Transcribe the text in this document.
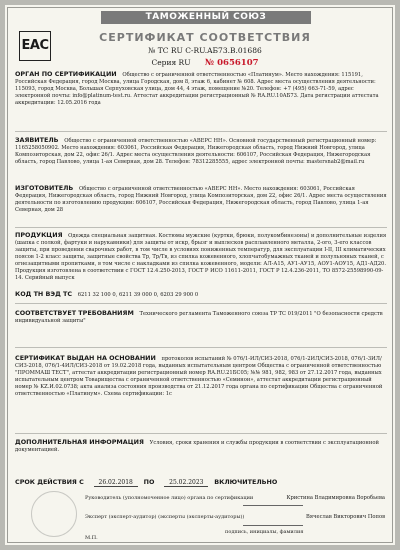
ТАМОЖЕННЫЙ СОЮЗ
EAC
СЕРТИФИКАТ СООТВЕТСТВИЯ
№ ТС RU C-RU.AБ73.B.01686
Серия RU № 0656107
ОРГАН ПО СЕРТИФИКАЦИИ Общество с ограниченной ответственностью «Платинум». Место нахождения: 115191, Российская Федерация, город Москва, улица Городская, дом 8, этаж 6, кабинет № 608. Адрес места осуществления деятельности: 115093, город Москва, Большая Серпуховская улица, дом 44, 4 этаж, помещение №20. Телефон: +7 (495) 663-71-59, адрес электронной почты: info@platinum-test.ru. Аттестат аккредитации регистрационный № RA.RU.10AБ73. Дата регистрации аттестата аккредитации: 12.05.2016 года
ЗАЯВИТЕЛЬ Общество с ограниченной ответственностью «АВЕРС НН». Основной государственный регистрационный номер: 1165258050902. Место нахождения: 603061, Российская Федерация, Нижегородская область, город Нижний Новгород, улица Композиторская, дом 22, офис 26/1. Адрес места осуществления деятельности: 606107, Российская Федерация, Нижегородская область, город Павлово, улица 1-ая Северная, дом 28. Телефон: 78312285555, адрес электронной почты: mastersnab2@mail.ru
ИЗГОТОВИТЕЛЬ Общество с ограниченной ответственностью «АВЕРС НН». Место нахождения: 603061, Российская Федерация, Нижегородская область, город Нижний Новгород, улица Композиторская, дом 22, офис 26/1. Адрес места осуществления деятельности по изготовлению продукции: 606107, Российская Федерация, Нижегородская область, город Павлово, улица 1-ая Северная, дом 28
ПРОДУКЦИЯ Одежда специальная защитная. Костюмы мужские (куртки, брюки, полукомбинезоны) и дополнительные изделия (шапка с полкой, фартуки и нарукавники) для защиты от искр, брызг и выплесков расплавленного металла, 2-ого, 3-его классов защиты, при проведении сварочных работ, в том числе в условиях пониженных температур, для эксплуатации I-II, III климатических поясов 1-2 класс защиты, защитные свойства Тр, Тр/Тв, из спилка кожевенного, хлопчатобумажных тканей и полульняных тканей, с огнезащитными пропитками, в том числе с накладками из спилка кожевенного, модели: АЛ-А15, АУ1-АУ15, АОУ1-АОУ15, АД1-АД20. Продукция изготовлена в соответствии с ГОСТ 12.4.250-2013, ГОСТ Р ИСО 11611-2011, ГОСТ Р 12.4.236-2011, ТО 8572-25598990-09-14. Серийный выпуск
КОД ТН ВЭД ТС 6211 32 100 0, 6211 39 000 0, 6203 29 900 0
СООТВЕТСТВУЕТ ТРЕБОВАНИЯМ Технического регламента Таможенного союза ТР ТС 019/2011 "О безопасности средств индивидуальной защиты"
СЕРТИФИКАТ ВЫДАН НА ОСНОВАНИИ протоколов испытаний № 076/1-ИЛ/СИЗ-2018, 076/1-2ИЛ/СИЗ-2018, 076/1-3ИЛ/СИЗ-2018, 076/1-4ИЛ/СИЗ-2018 от 19.02.2018 года, выданных испытательным центром Общества с ограниченной ответственностью "ПРОММАШ ТЕСТ", аттестат аккредитации регистрационный номер RA.RU.21БС05; №№ 981, 982, 983 от 27.12.2017 года, выданных испытательным центром Товарищества с ограниченной ответственностью «Семинон», аттестат аккредитации регистрационный номер № KZ.И.02.0738; акта анализа состояния производства от 21.12.2017 года органа по сертификации Общества с ограниченной ответственностью «Платинум». Схема сертификации: 1с
ДОПОЛНИТЕЛЬНАЯ ИНФОРМАЦИЯ Условия, сроки хранения и службы продукции в соответствии с эксплуатационной документацией.
СРОК ДЕЙСТВИЯ С 26.02.2018 ПО 25.02.2023 ВКЛЮЧИТЕЛЬНО
Руководитель (уполномоченное лицо) органа по сертификации	Кристина Владимировна Воробьева
Эксперт (эксперт-аудитор) (эксперты (эксперты-аудиторы))	Вячеслав Викторович Попов
подпись, инициалы, фамилия
М.П.
